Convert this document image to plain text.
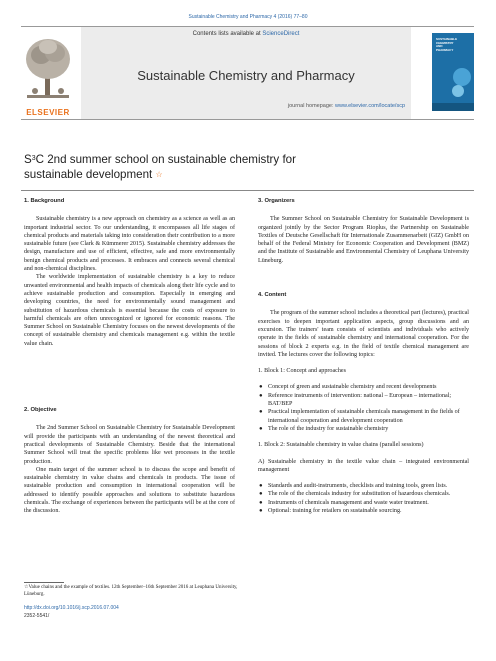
Sustainable Chemistry and Pharmacy 4 (2016) 77–80
ELSEVIER
Contents lists available at ScienceDirect
Sustainable Chemistry and Pharmacy
journal homepage: www.elsevier.com/locate/scp
SUSTAINABLE CHEMISTRY AND PHARMACY
$S^3C$ 2nd summer school on sustainable chemistry for sustainable development ☆
1. Background

Sustainable chemistry is a new approach on chemistry as a science as well as an important industrial sector. To our understanding, it encompasses all life stages of chemical products and materials taking into consideration their contribution to a more sustainable future (see Clark & Kümmerer 2015). Sustainable chemistry addresses the design, manufacture and use of efficient, effective, safe and more environmentally benign chemical products and processes. It embraces and connects several chemical and non-chemical disciplines.

The worldwide implementation of sustainable chemistry is a key to reduce unwanted environmental and health impacts of chemicals along their life cycle and to achieve sustainable production and consumption. Especially in emerging and developing countries, the need for environmentally sound management and substitution of hazardous chemicals is essential because the costs of exposure to harmful chemicals are often unrecognized or ignored for economic reasons. The Summer School on Sustainable Chemistry focuses on the newest developments of the concept of sustainable chemistry and chemicals management e.g. within the textile value chain.

2. Objective

The 2nd Summer School on Sustainable Chemistry for Sustainable Development will provide the participants with an understanding of the newest theoretical and practical developments of Sustainable Chemistry. Beside that the international Summer School will treat the specific problems like wet processes in the textile production.

One main target of the summer school is to discuss the scope and benefit of sustainable chemistry in value chains and chemicals in products. The issue of sustainable production and consumption in international cooperation will be addressed to identify possible approaches and solutions to substitute hazardous chemicals. The exchange of experiences between the participants will be at the core of the discussion.

3. Organizers

The Summer School on Sustainable Chemistry for Sustainable Development is organized jointly by the Sector Program Rioplus, the Partnership on Sustainable Textiles of Deutsche Gesellschaft für Internationale Zusammenarbeit (GIZ) GmbH on behalf of the Federal Ministry for Economic Cooperation and Development (BMZ) and the Institute of Sustainable and Environmental Chemistry of Leuphana University Lüneburg.

4. Content

The program of the summer school includes a theoretical part (lectures), practical exercises to deepen important application aspects, group discussions and an excursion. The trainers' team consists of scientists and individuals who actively operate in the fields of sustainable chemistry and international cooperation. For the sessions of block 2 experts e.g. in the field of textile chemical management are invited. The lectures cover the following topics:

1. Block 1: Concept and approaches

● Concept of green and sustainable chemistry and recent developments
● Reference instruments of intervention: national – European – international; BAT/BEP
● Practical implementation of sustainable chemicals management in the fields of international cooperation and development cooperation
● The role of the industry for sustainable chemistry

1. Block 2: Sustainable chemistry in value chains (parallel sessions)

A) Sustainable chemistry in the textile value chain – integrated environmental management

● Standards and audit-instruments, checklists and training tools, green lists.
● The role of the chemicals industry for substitution of hazardous chemicals.
● Instruments of chemicals management and waste water treatment.
● Optional: training for retailers on sustainable sourcing.
☆Value chains and the example of textiles. 12th September–16th September 2016 at Leuphana University, Lüneburg.
http://dx.doi.org/10.1016/j.scp.2016.07.004
2352-5541/
